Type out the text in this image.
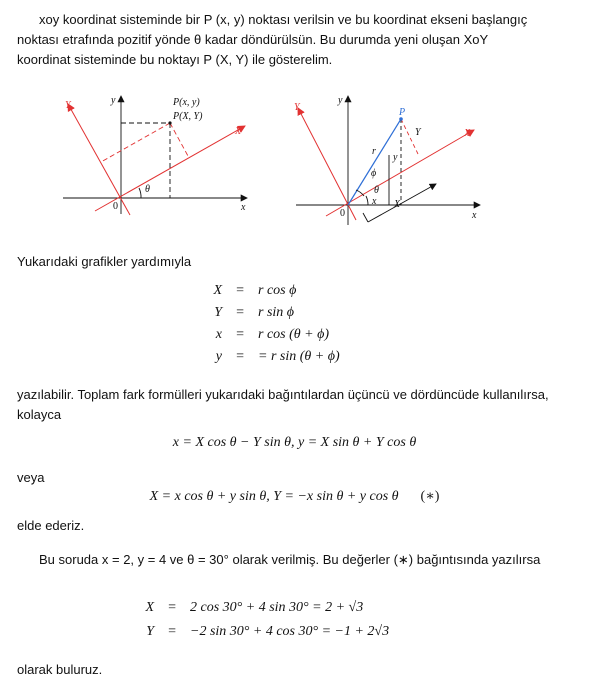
xoy koordinat sisteminde bir P (x, y) noktası verilsin ve bu koordinat ekseni başlangıç noktası etrafında pozitif yönde θ kadar döndürülsün. Bu durumda yeni oluşan XoY koordinat sisteminde bu noktayı P (X, Y) ile gösterelim.
y
x
Y
X
0
θ
P(x, y)
P(X, Y)
y
x
Y
X
0
P
r
ϕ
θ
y
Y
x X
Yukarıdaki grafikler yardımıyla
X = r cos ϕ
Y = r sin ϕ
x = r cos (θ + ϕ)
y = = r sin (θ + ϕ)
yazılabilir. Toplam fark formülleri yukarıdaki bağıntılardan üçüncü ve dördüncüde kullanılırsa, kolayca
x = X cos θ − Y sin θ, y = X sin θ + Y cos θ
veya
X = x cos θ + y sin θ, Y = −x sin θ + y cos θ (∗)
elde ederiz.
Bu soruda x = 2, y = 4 ve θ = 30° olarak verilmiş. Bu değerler (∗) bağıntısında yazılırsa
X = 2 cos 30° + 4 sin 30° = 2 + √3
Y = −2 sin 30° + 4 cos 30° = −1 + 2√3
olarak buluruz.
